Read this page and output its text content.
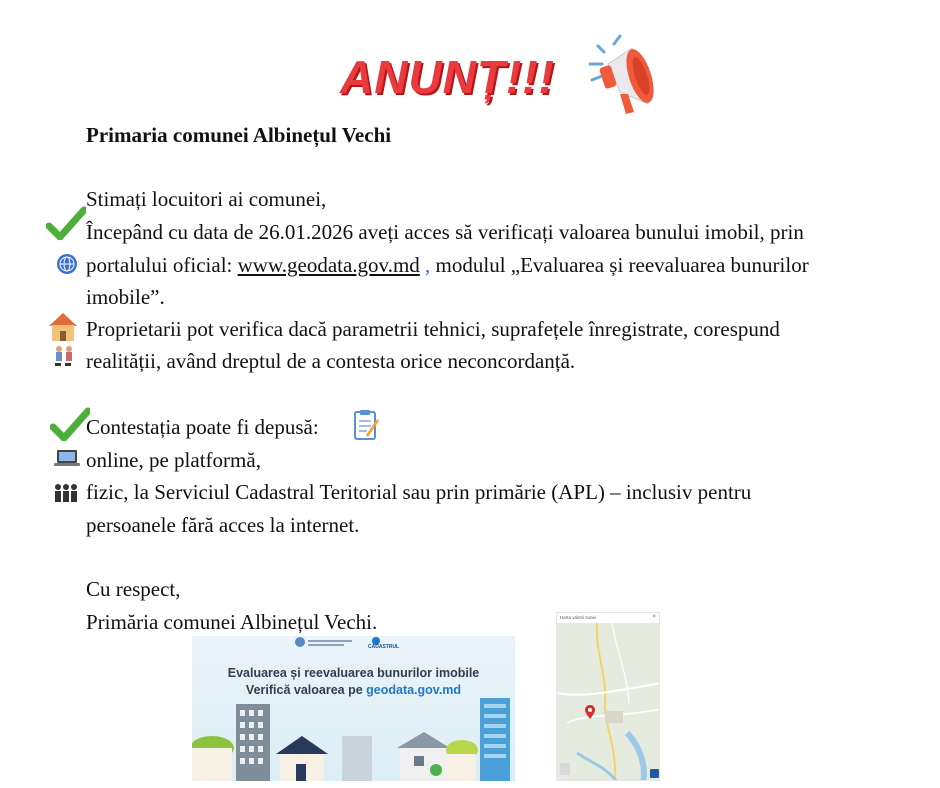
ANUNȚ!!!
Primaria comunei Albinețul Vechi
Stimați locuitori ai comunei,
Începând cu data de 26.01.2026 aveți acces să verificați valoarea bunului imobil, prin
portalului oficial: www.geodata.gov.md , modulul „Evaluarea și reevaluarea bunurilor
imobile”.
Proprietarii pot verifica dacă parametrii tehnici, suprafețele înregistrate, corespund
realității, având dreptul de a contesta orice neconcordanță.
Contestația poate fi depusă:
online, pe platformă,
fizic, la Serviciul Cadastral Teritorial sau prin primărie (APL) – inclusiv pentru
persoanele fără acces la internet.
Cu respect,
Primăria comunei Albinețul Vechi.
CADASTRUL
Evaluarea și reevaluarea bunurilor imobile
Verifică valoarea pe geodata.gov.md
Harta valorii zonei	×
